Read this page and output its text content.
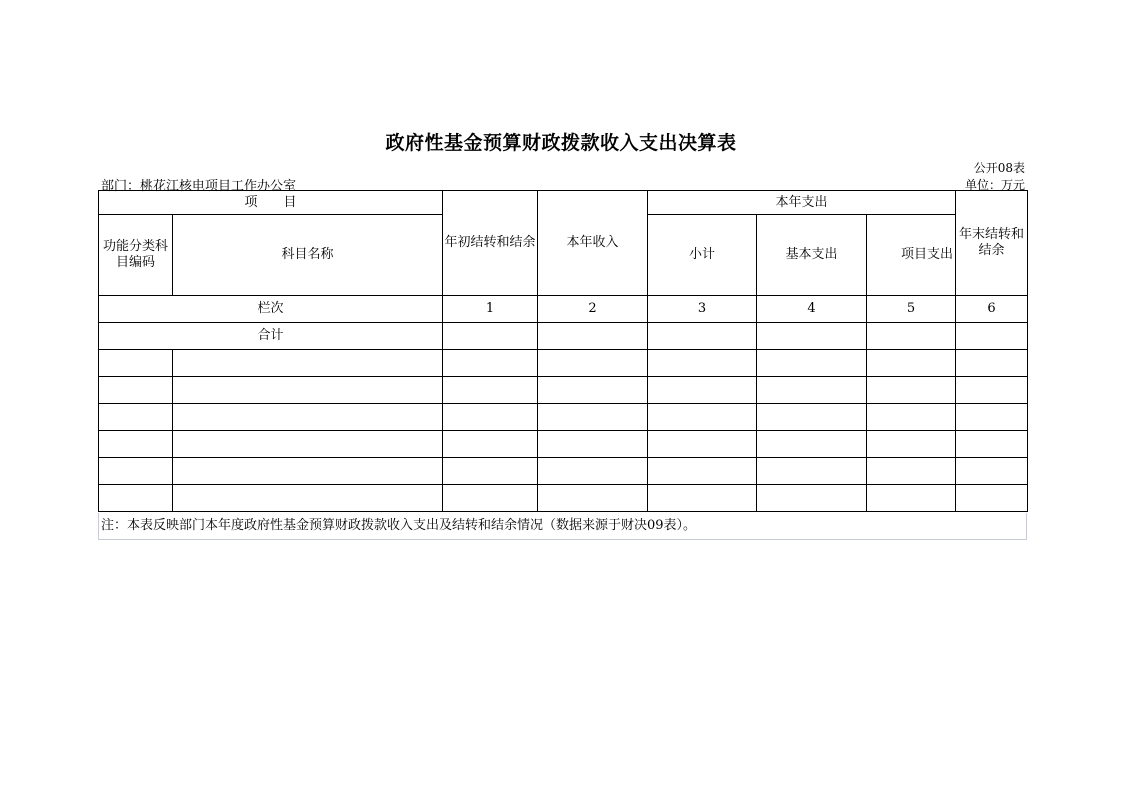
政府性基金预算财政拨款收入支出决算表
公开08表
部门：桃花江核电项目工作办公室	单位：万元
项　　目		年初结转和结余	本年收入	本年支出			年末结转和结余
功能分类科目编码	科目名称			小计	基本支出	项目支出	
栏次		1	2	3	4	5	6
合计							

注：本表反映部门本年度政府性基金预算财政拨款收入支出及结转和结余情况（数据来源于财决09表）。
